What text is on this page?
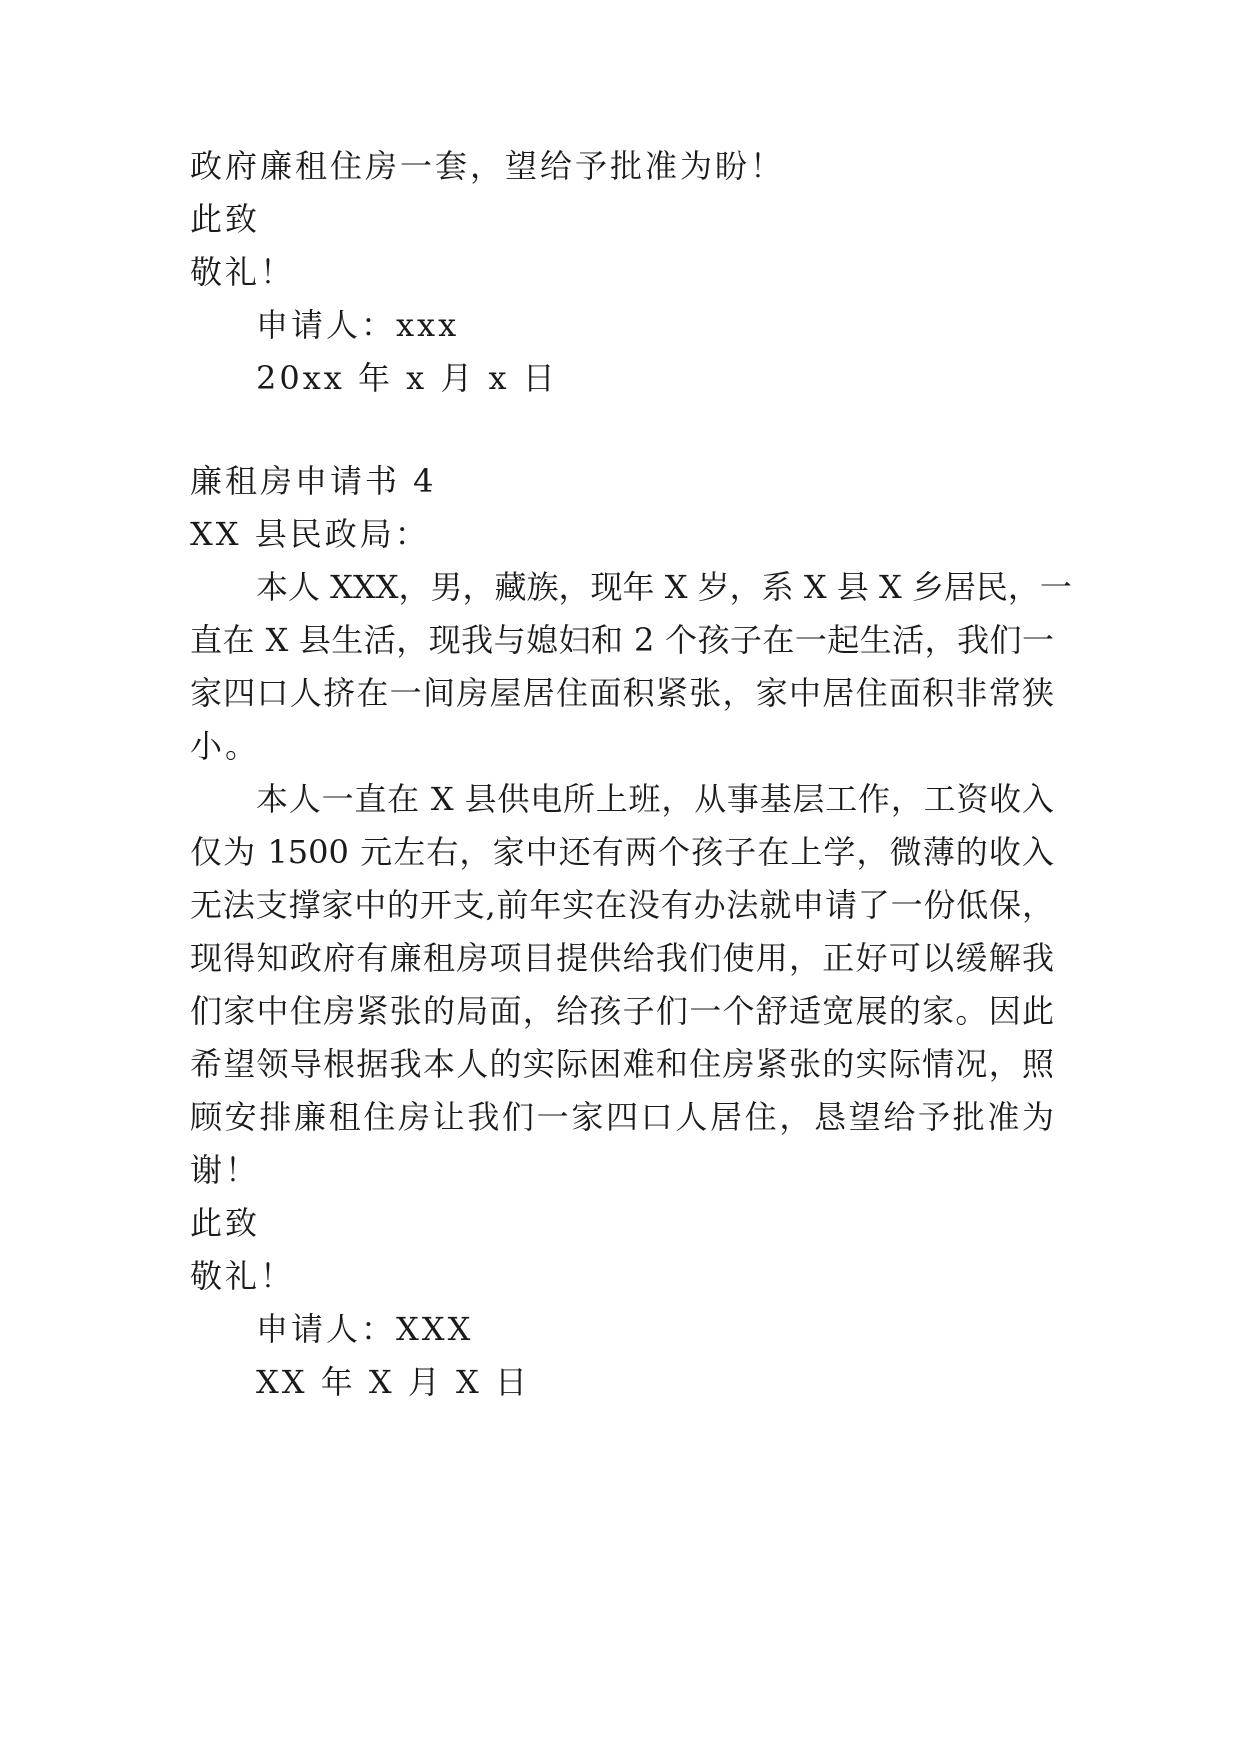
政府廉租住房一套，望给予批准为盼！
此致
敬礼！
申请人：xxx
20xx 年 x 月 x 日
廉租房申请书 4
XX 县民政局：
本人 XXX，男，藏族，现年 X 岁，系 X 县 X 乡居民，一
直在 X 县生活，现我与媳妇和 2 个孩子在一起生活，我们一
家四口人挤在一间房屋居住面积紧张，家中居住面积非常狭
小。
本人一直在 X 县供电所上班，从事基层工作，工资收入
仅为 1500 元左右，家中还有两个孩子在上学，微薄的收入
无法支撑家中的开支,前年实在没有办法就申请了一份低保，
现得知政府有廉租房项目提供给我们使用，正好可以缓解我
们家中住房紧张的局面，给孩子们一个舒适宽展的家。因此
希望领导根据我本人的实际困难和住房紧张的实际情况，照
顾安排廉租住房让我们一家四口人居住，恳望给予批准为
谢！
此致
敬礼！
申请人：XXX
XX 年 X 月 X 日
